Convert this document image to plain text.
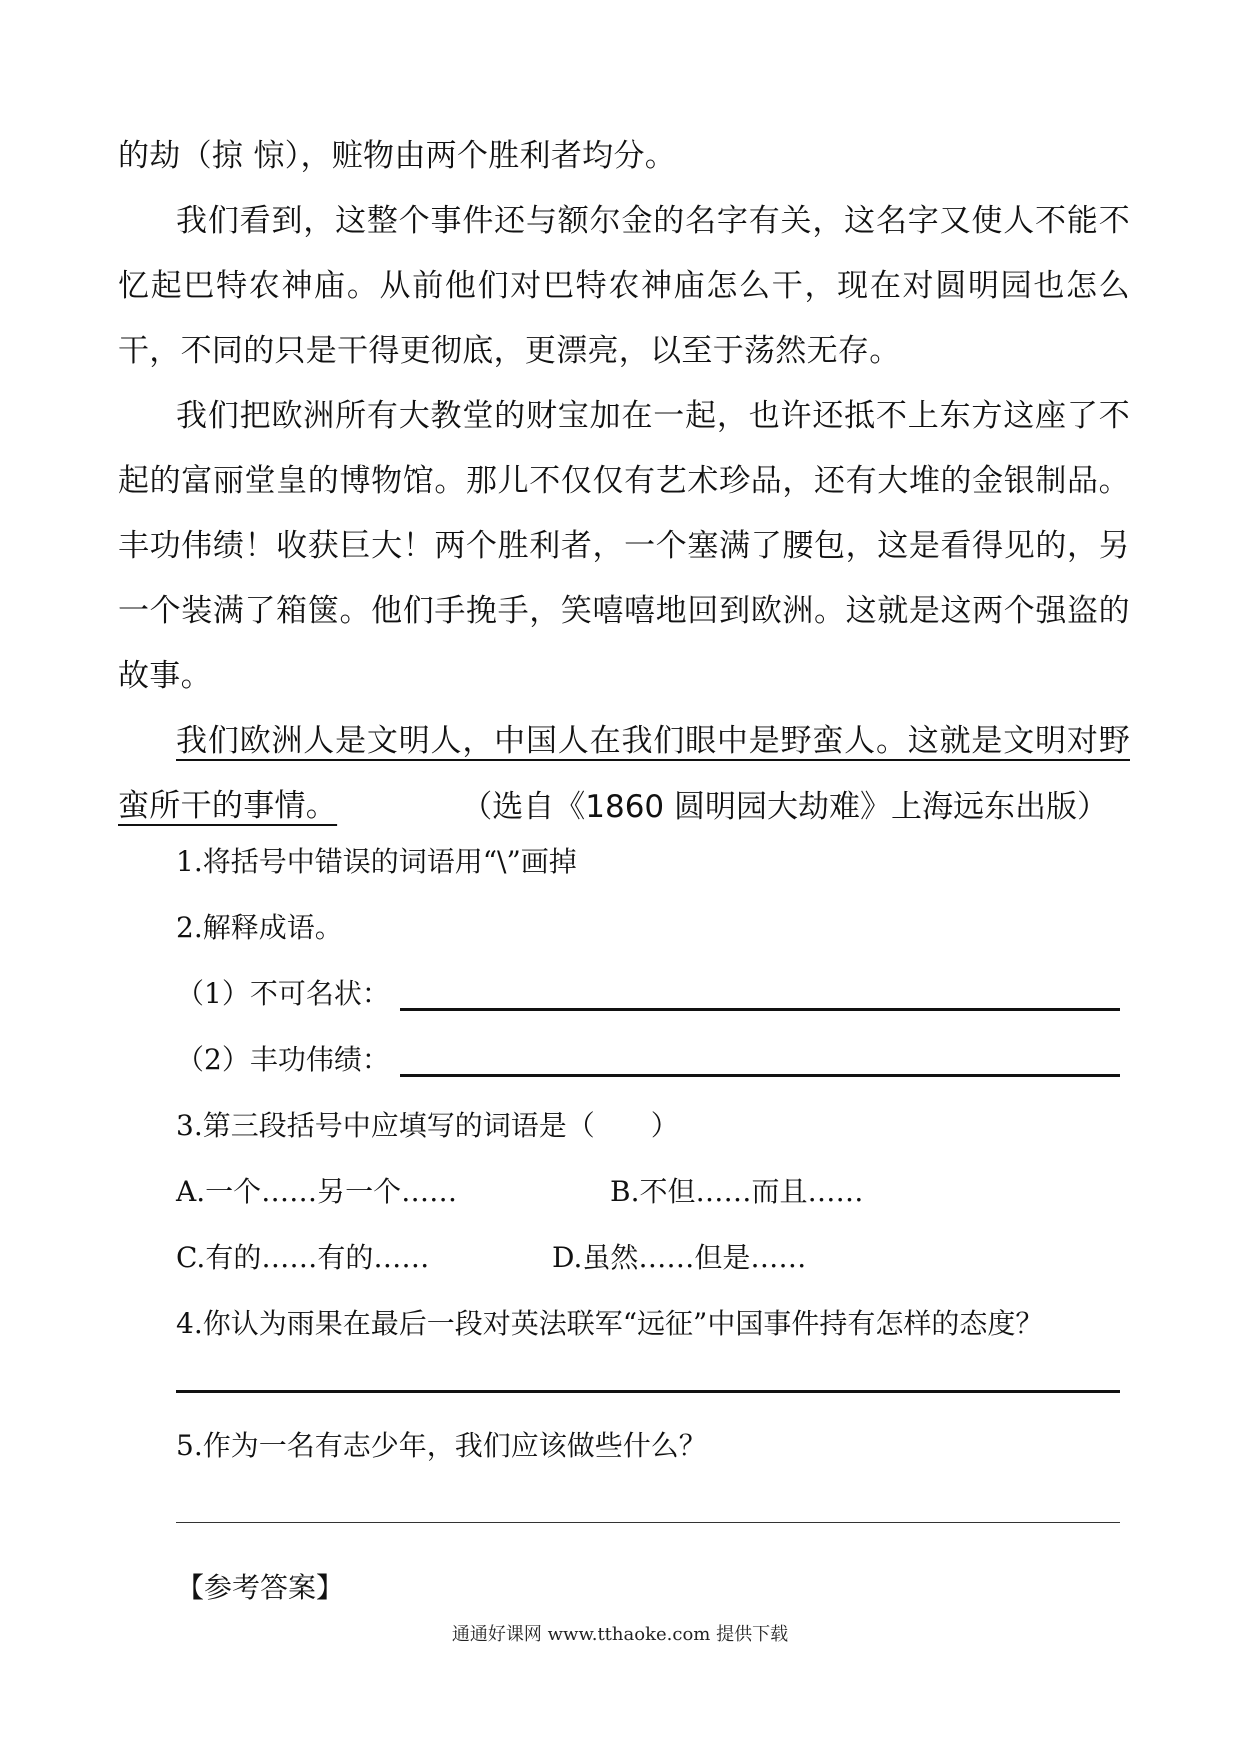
的劫（掠 惊），赃物由两个胜利者均分。

我们看到，这整个事件还与额尔金的名字有关，这名字又使人不能不忆起巴特农神庙。从前他们对巴特农神庙怎么干，现在对圆明园也怎么干，不同的只是干得更彻底，更漂亮，以至于荡然无存。

我们把欧洲所有大教堂的财宝加在一起，也许还抵不上东方这座了不起的富丽堂皇的博物馆。那儿不仅仅有艺术珍品，还有大堆的金银制品。丰功伟绩！收获巨大！两个胜利者，一个塞满了腰包，这是看得见的，另一个装满了箱箧。他们手挽手，笑嘻嘻地回到欧洲。这就是这两个强盗的故事。

我们欧洲人是文明人，中国人在我们眼中是野蛮人。这就是文明对野蛮所干的事情。	（选自《1860 圆明园大劫难》上海远东出版）
1.将括号中错误的词语用“\”画掉
2.解释成语。
（1）不可名状：
（2）丰功伟绩：
3.第三段括号中应填写的词语是（　　）
A.一个……另一个……	B.不但……而且……
C.有的……有的……	D.虽然……但是……
4.你认为雨果在最后一段对英法联军“远征”中国事件持有怎样的态度？
5.作为一名有志少年，我们应该做些什么？
【参考答案】
通通好课网 www.tthaoke.com 提供下载
